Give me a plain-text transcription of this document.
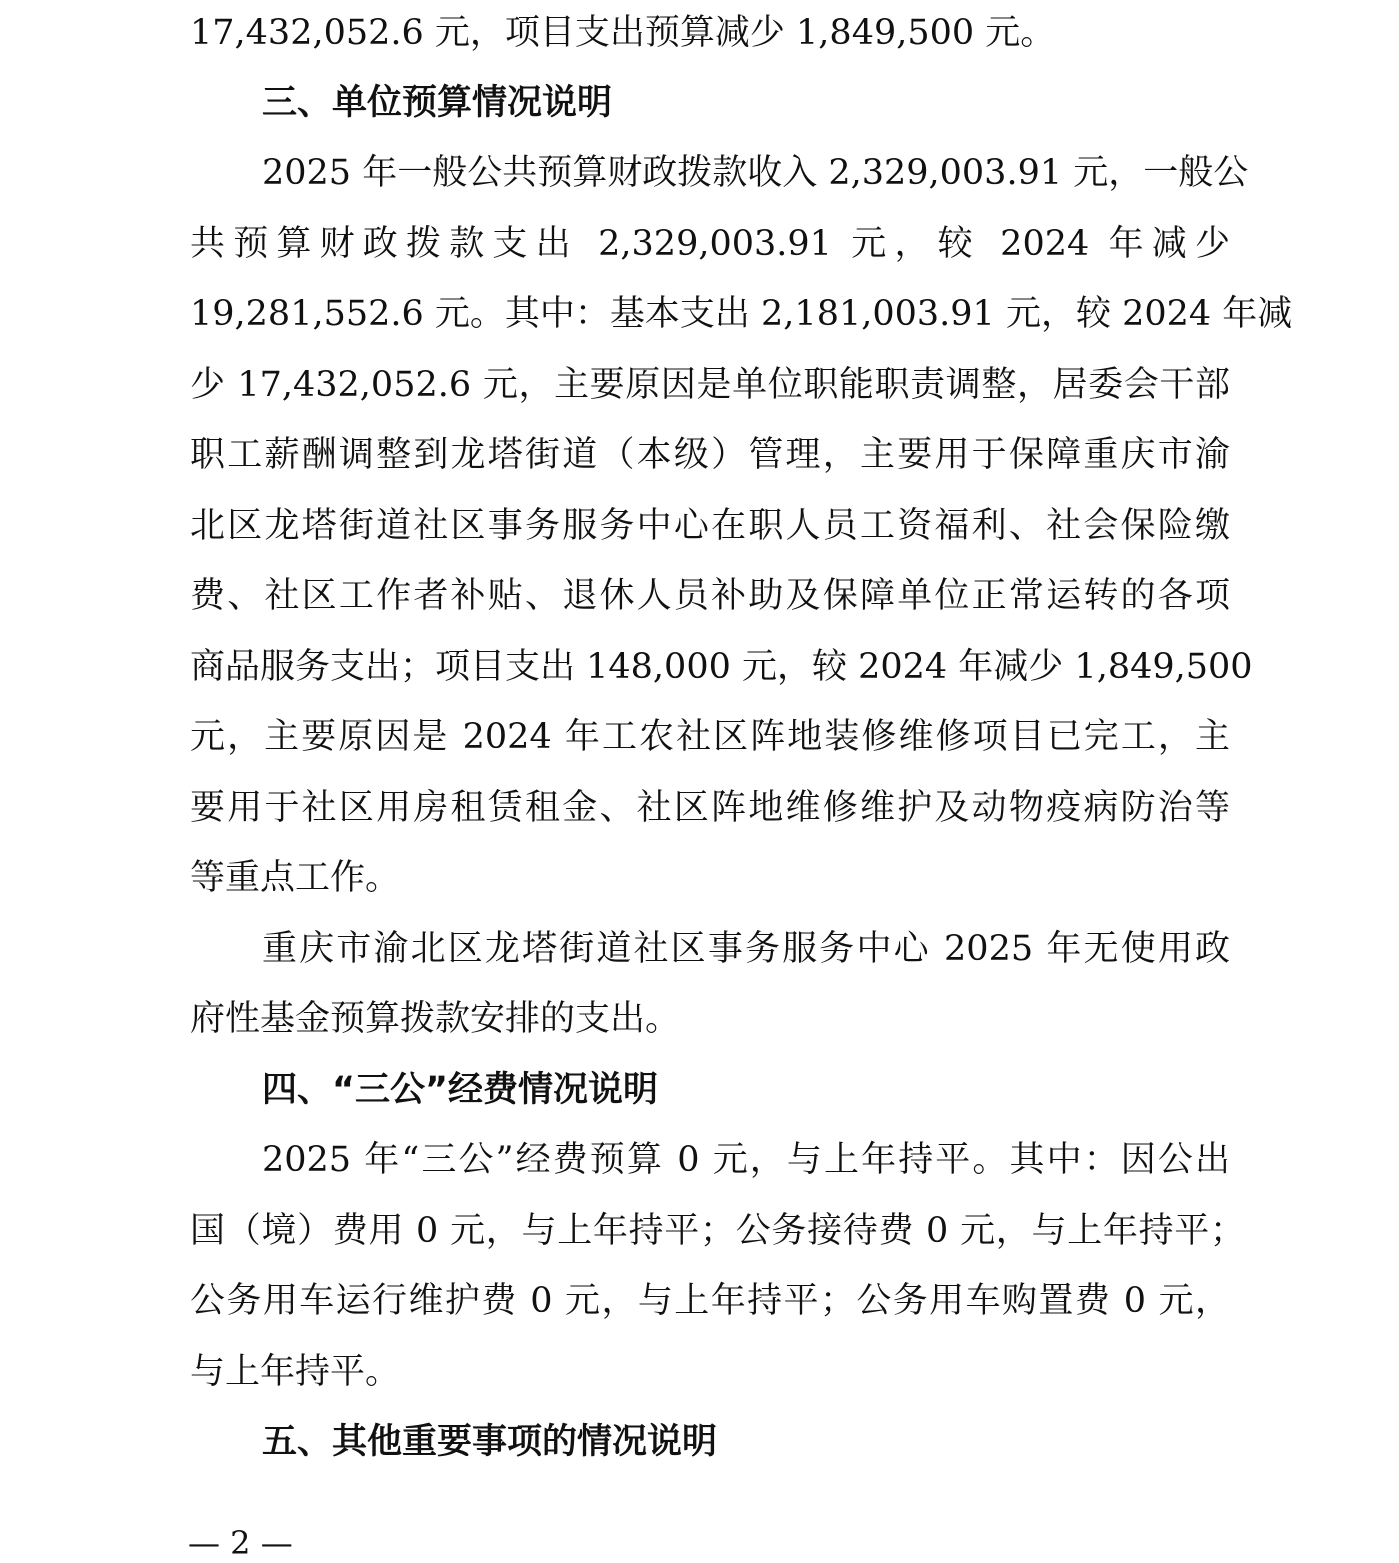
17,432,052.6 元，项目支出预算减少 1,849,500 元。
三、单位预算情况说明
2025 年一般公共预算财政拨款收入 2,329,003.91 元，一般公
共预算财政拨款支出 2,329,003.91 元，较 2024 年减少
19,281,552.6 元。其中：基本支出 2,181,003.91 元，较 2024 年减
少 17,432,052.6 元，主要原因是单位职能职责调整，居委会干部
职工薪酬调整到龙塔街道（本级）管理，主要用于保障重庆市渝
北区龙塔街道社区事务服务中心在职人员工资福利、社会保险缴
费、社区工作者补贴、退休人员补助及保障单位正常运转的各项
商品服务支出；项目支出 148,000 元，较 2024 年减少 1,849,500
元，主要原因是 2024 年工农社区阵地装修维修项目已完工，主
要用于社区用房租赁租金、社区阵地维修维护及动物疫病防治等
等重点工作。
重庆市渝北区龙塔街道社区事务服务中心 2025 年无使用政
府性基金预算拨款安排的支出。
四、“三公”经费情况说明
2025 年“三公”经费预算 0 元，与上年持平。其中：因公出
国（境）费用 0 元，与上年持平；公务接待费 0 元，与上年持平；
公务用车运行维护费 0 元，与上年持平；公务用车购置费 0 元，
与上年持平。
五、其他重要事项的情况说明
— 2 —
